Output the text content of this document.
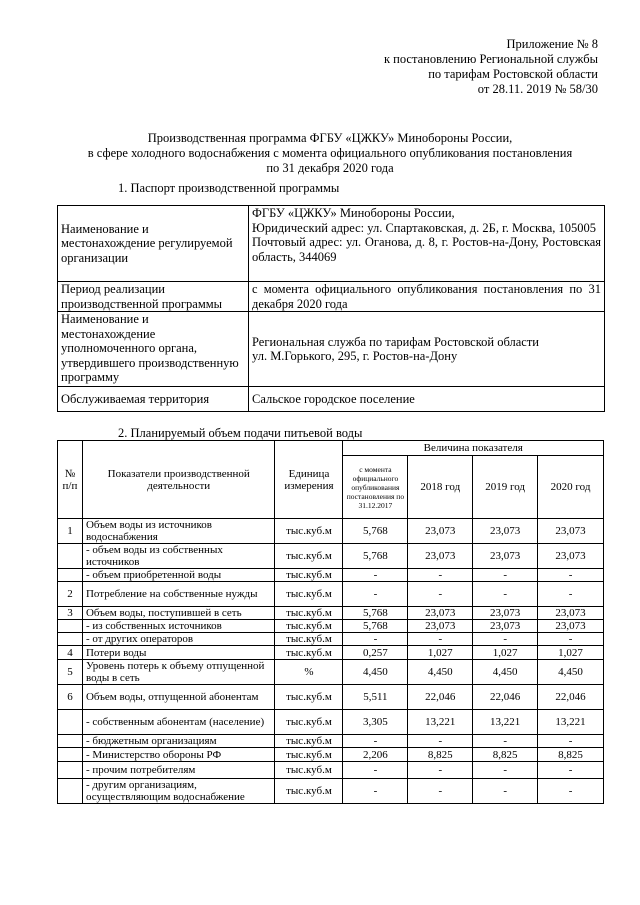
Приложение № 8
к постановлению Региональной службы
по тарифам Ростовской области
от 28.11. 2019 № 58/30
Производственная программа ФГБУ «ЦЖКУ» Минобороны России,
в сфере холодного водоснабжения с момента официального опубликования постановления
по 31 декабря 2020 года
1. Паспорт производственной программы
Наименование и местонахождение регулируемой организации	ФГБУ «ЦЖКУ» Минобороны России,
Юридический адрес: ул. Спартаковская, д. 2Б, г. Москва, 105005
Почтовый адрес: ул. Оганова, д. 8, г. Ростов-на-Дону, Ростовская область, 344069

Период реализации производственной программы	с момента официального опубликования постановления по 31 декабря 2020 года
Наименование и местонахождение уполномоченного органа, утвердившего производственную программу	Региональная служба по тарифам Ростовской области
ул. М.Горького, 295, г. Ростов-на-Дону

Обслуживаемая территория	Сальское городское поселение
2. Планируемый объем подачи питьевой воды
№ п/п	Показатели производственной деятельности	Единица измерения	Величина показателя			
			с момента официального опубликования постановления по 31.12.2017	2018 год	2019 год	2020 год
1	Объем воды из источников водоснабжения	тыс.куб.м	5,768	23,073	23,073	23,073
	- объем воды из собственных источников	тыс.куб.м	5,768	23,073	23,073	23,073
	- объем приобретенной воды	тыс.куб.м	-	-	-	-
2	Потребление на собственные нужды	тыс.куб.м	-	-	-	-
3	Объем воды, поступившей в сеть	тыс.куб.м	5,768	23,073	23,073	23,073
	- из собственных источников	тыс.куб.м	5,768	23,073	23,073	23,073
	- от других операторов	тыс.куб.м	-	-	-	-
4	Потери воды	тыс.куб.м	0,257	1,027	1,027	1,027
5	Уровень потерь к объему отпущенной воды в сеть	%	4,450	4,450	4,450	4,450
6	Объем воды, отпущенной абонентам	тыс.куб.м	5,511	22,046	22,046	22,046
	- собственным абонентам (население)	тыс.куб.м	3,305	13,221	13,221	13,221
	- бюджетным организациям	тыс.куб.м	-	-	-	-
	- Министерство обороны РФ	тыс.куб.м	2,206	8,825	8,825	8,825
	- прочим потребителям	тыс.куб.м	-	-	-	-
	- другим организациям, осуществляющим водоснабжение	тыс.куб.м	-	-	-	-
